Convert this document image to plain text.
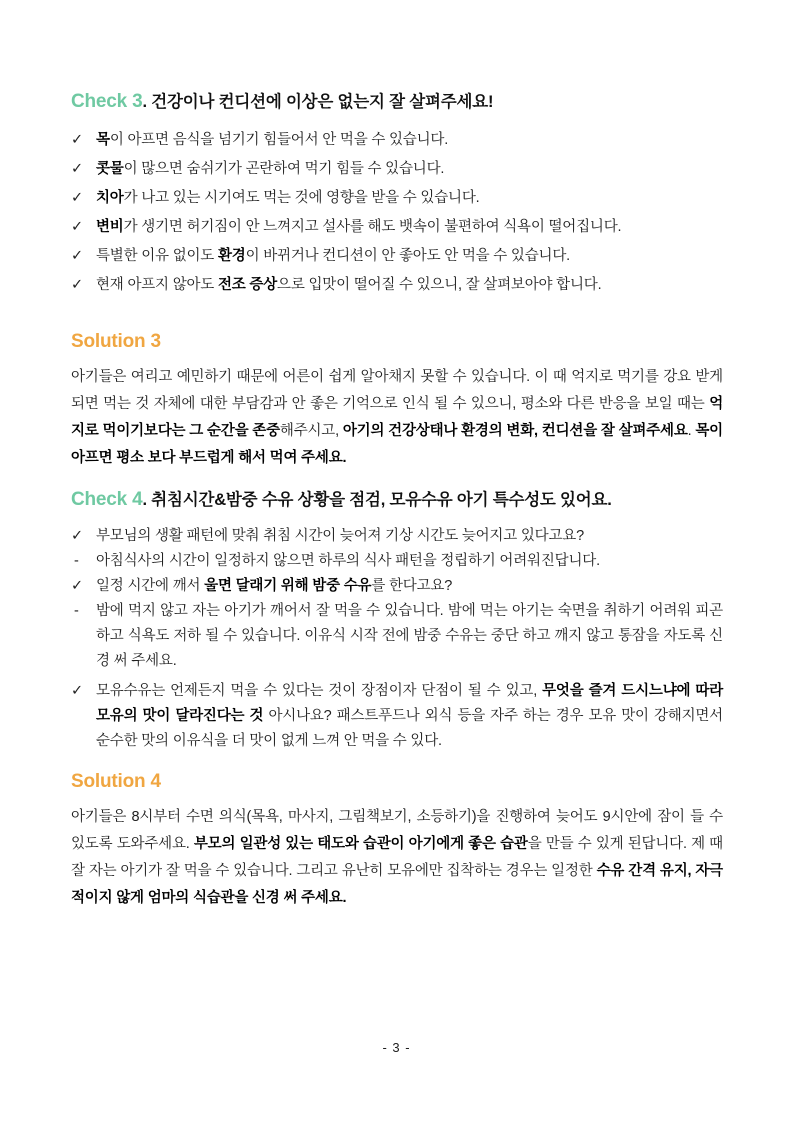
Check 3. 건강이나 컨디션에 이상은 없는지 잘 살펴주세요!
✓ 목이 아프면 음식을 넘기기 힘들어서 안 먹을 수 있습니다.
✓ 콧물이 많으면 숨쉬기가 곤란하여 먹기 힘들 수 있습니다.
✓ 치아가 나고 있는 시기여도 먹는 것에 영향을 받을 수 있습니다.
✓ 변비가 생기면 허기짐이 안 느껴지고 설사를 해도 뱃속이 불편하여 식욕이 떨어집니다.
✓ 특별한 이유 없이도 환경이 바뀌거나 컨디션이 안 좋아도 안 먹을 수 있습니다.
✓ 현재 아프지 않아도 전조 증상으로 입맛이 떨어질 수 있으니, 잘 살펴보아야 합니다.
Solution 3
아기들은 여리고 예민하기 때문에 어른이 쉽게 알아채지 못할 수 있습니다. 이 때 억지로 먹기를 강요 받게 되면 먹는 것 자체에 대한 부담감과 안 좋은 기억으로 인식 될 수 있으니, 평소와 다른 반응을 보일 때는 억지로 먹이기보다는 그 순간을 존중해주시고, 아기의 건강상태나 환경의 변화, 컨디션을 잘 살펴주세요. 목이 아프면 평소 보다 부드럽게 해서 먹여 주세요.
Check 4. 취침시간&밤중 수유 상황을 점검, 모유수유 아기 특수성도 있어요.
✓ 부모님의 생활 패턴에 맞춰 취침 시간이 늦어져 기상 시간도 늦어지고 있다고요?
-	아침식사의 시간이 일정하지 않으면 하루의 식사 패턴을 정립하기 어려워진답니다.
✓ 일정 시간에 깨서 울면 달래기 위해 밤중 수유를 한다고요?
-	밤에 먹지 않고 자는 아기가 깨어서 잘 먹을 수 있습니다. 밤에 먹는 아기는 숙면을 취하기 어려워 피곤하고 식욕도 저하 될 수 있습니다. 이유식 시작 전에 밤중 수유는 중단 하고 깨지 않고 통잠을 자도록 신경 써 주세요.
✓ 모유수유는 언제든지 먹을 수 있다는 것이 장점이자 단점이 될 수 있고, 무엇을 즐겨 드시느냐에 따라 모유의 맛이 달라진다는 것 아시나요? 패스트푸드나 외식 등을 자주 하는 경우 모유 맛이 강해지면서 순수한 맛의 이유식을 더 맛이 없게 느껴 안 먹을 수 있다.
Solution 4
아기들은 8시부터 수면 의식(목욕, 마사지, 그림책보기, 소등하기)을 진행하여 늦어도 9시안에 잠이 들 수 있도록 도와주세요. 부모의 일관성 있는 태도와 습관이 아기에게 좋은 습관을 만들 수 있게 된답니다. 제 때 잘 자는 아기가 잘 먹을 수 있습니다. 그리고 유난히 모유에만 집착하는 경우는 일정한 수유 간격 유지, 자극적이지 않게 엄마의 식습관을 신경 써 주세요.
- 3 -
